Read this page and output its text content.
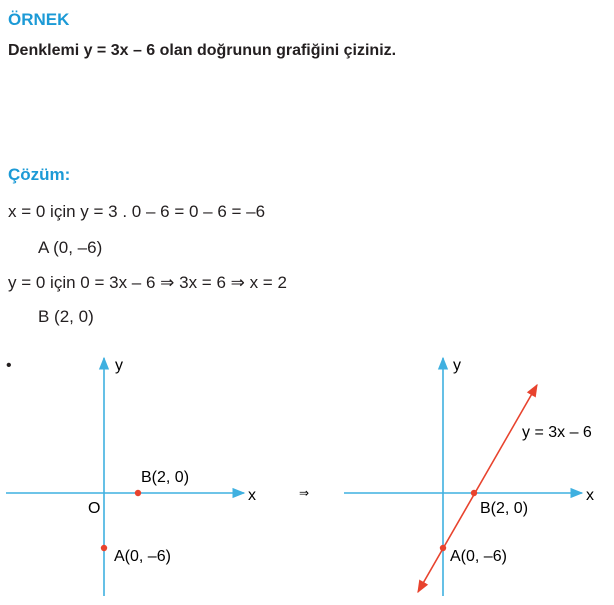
ÖRNEK
Denklemi y = 3x – 6 olan doğrunun grafiğini çiziniz.
Çözüm:
x = 0 için y = 3 . 0 – 6 = 0 – 6 = –6
A (0, –6)
y = 0 için 0 = 3x – 6 ⇒ 3x = 6 ⇒ x = 2
B (2, 0)
•	y
x
O
B(2, 0)
A(0, –6)
⇒
y
x
y = 3x – 6
B(2, 0)
A(0, –6)
